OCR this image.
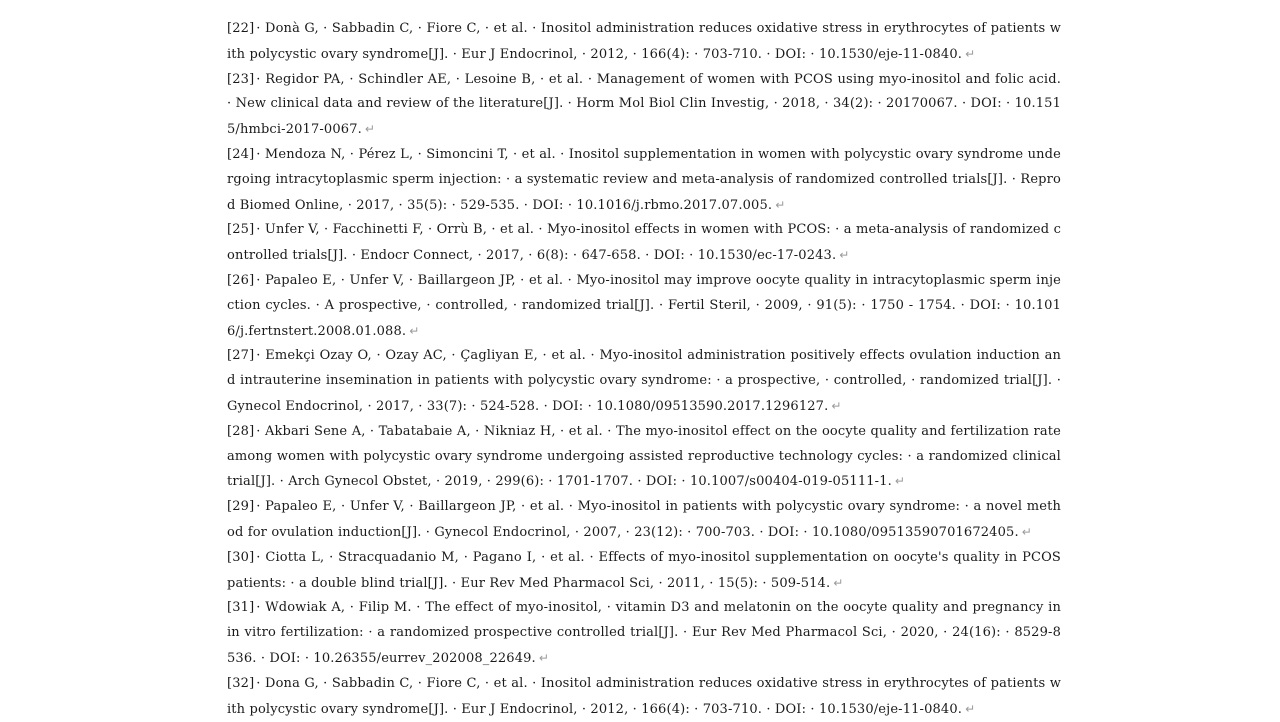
[22] · Donà G, · Sabbadin C, · Fiore C, · et al. · Inositol administration reduces oxidative stress in erythrocytes of patients with polycystic ovary syndrome[J]. · Eur J Endocrinol, · 2012, · 166(4): · 703-710. · DOI: · 10.1530/eje-11-0840. ↵

[23] · Regidor PA, · Schindler AE, · Lesoine B, · et al. · Management of women with PCOS using myo-inositol and folic acid. · New clinical data and review of the literature[J]. · Horm Mol Biol Clin Investig, · 2018, · 34(2): · 20170067. · DOI: · 10.1515/hmbci-2017-0067. ↵

[24] · Mendoza N, · Pérez L, · Simoncini T, · et al. · Inositol supplementation in women with polycystic ovary syndrome undergoing intracytoplasmic sperm injection: · a systematic review and meta-analysis of randomized controlled trials[J]. · Reprod Biomed Online, · 2017, · 35(5): · 529-535. · DOI: · 10.1016/j.rbmo.2017.07.005. ↵

[25] · Unfer V, · Facchinetti F, · Orrù B, · et al. · Myo-inositol effects in women with PCOS: · a meta-analysis of randomized controlled trials[J]. · Endocr Connect, · 2017, · 6(8): · 647-658. · DOI: · 10.1530/ec-17-0243. ↵

[26] · Papaleo E, · Unfer V, · Baillargeon JP, · et al. · Myo-inositol may improve oocyte quality in intracytoplasmic sperm injection cycles. · A prospective, · controlled, · randomized trial[J]. · Fertil Steril, · 2009, · 91(5): · 1750 - 1754. · DOI: · 10.1016/j.fertnstert.2008.01.088. ↵

[27] · Emekçi Ozay O, · Ozay AC, · Çagliyan E, · et al. · Myo-inositol administration positively effects ovulation induction and intrauterine insemination in patients with polycystic ovary syndrome: · a prospective, · controlled, · randomized trial[J]. · Gynecol Endocrinol, · 2017, · 33(7): · 524-528. · DOI: · 10.1080/09513590.2017.1296127. ↵

[28] · Akbari Sene A, · Tabatabaie A, · Nikniaz H, · et al. · The myo-inositol effect on the oocyte quality and fertilization rate among women with polycystic ovary syndrome undergoing assisted reproductive technology cycles: · a randomized clinical trial[J]. · Arch Gynecol Obstet, · 2019, · 299(6): · 1701-1707. · DOI: · 10.1007/s00404-019-05111-1. ↵

[29] · Papaleo E, · Unfer V, · Baillargeon JP, · et al. · Myo-inositol in patients with polycystic ovary syndrome: · a novel method for ovulation induction[J]. · Gynecol Endocrinol, · 2007, · 23(12): · 700-703. · DOI: · 10.1080/09513590701672405. ↵

[30] · Ciotta L, · Stracquadanio M, · Pagano I, · et al. · Effects of myo-inositol supplementation on oocyte's quality in PCOS patients: · a double blind trial[J]. · Eur Rev Med Pharmacol Sci, · 2011, · 15(5): · 509-514. ↵

[31] · Wdowiak A, · Filip M. · The effect of myo-inositol, · vitamin D3 and melatonin on the oocyte quality and pregnancy in in vitro fertilization: · a randomized prospective controlled trial[J]. · Eur Rev Med Pharmacol Sci, · 2020, · 24(16): · 8529-8536. · DOI: · 10.26355/eurrev_202008_22649. ↵

[32] · Dona G, · Sabbadin C, · Fiore C, · et al. · Inositol administration reduces oxidative stress in erythrocytes of patients with polycystic ovary syndrome[J]. · Eur J Endocrinol, · 2012, · 166(4): · 703-710. · DOI: · 10.1530/eje-11-0840. ↵
